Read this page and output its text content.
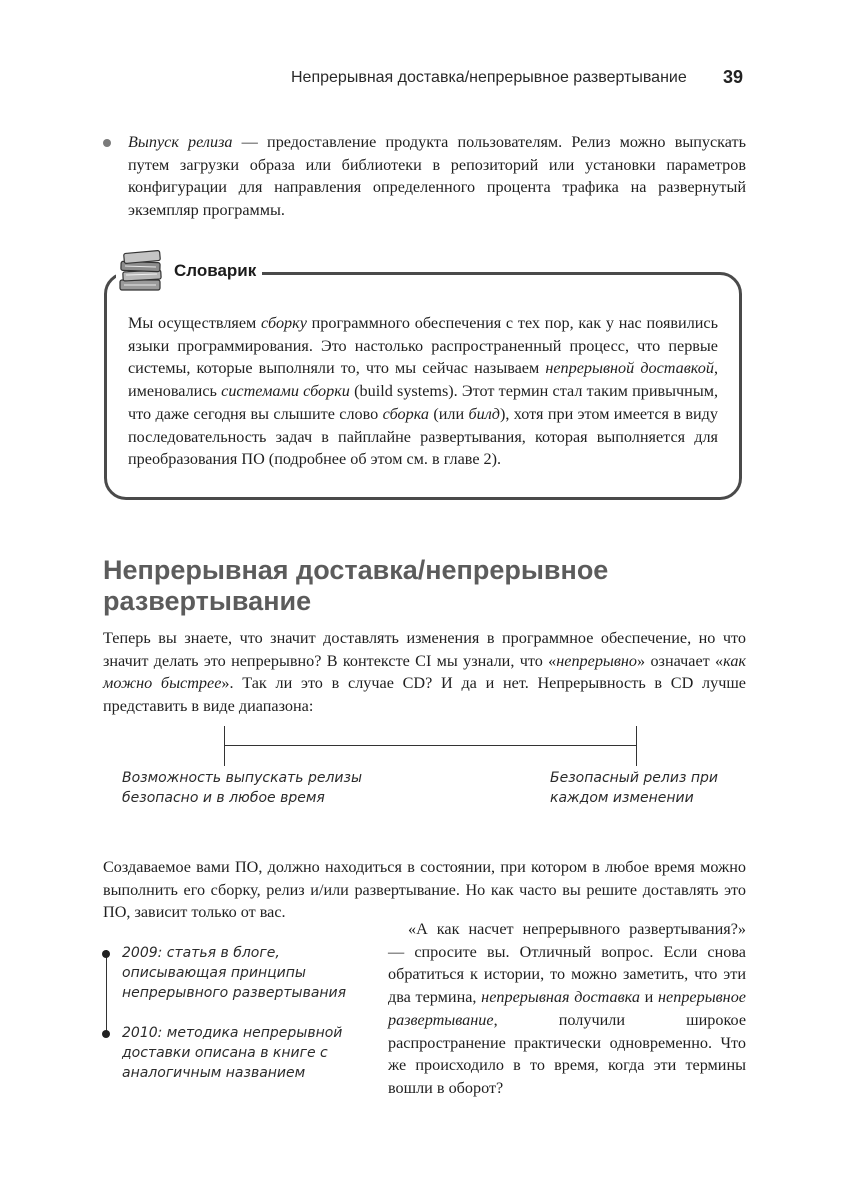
Непрерывная доставка/непрерывное развертывание 39

Выпуск релиза — предоставление продукта пользователям. Релиз можно выпускать путем загрузки образа или библиотеки в репозиторий или установки параметров конфигурации для направления определенного процента трафика на развернутый экземпляр программы.

Словарик

Мы осуществляем сборку программного обеспечения с тех пор, как у нас появились языки программирования. Это настолько распространенный процесс, что первые системы, которые выполняли то, что мы сейчас называем непрерывной доставкой, именовались системами сборки (build systems). Этот термин стал таким привычным, что даже сегодня вы слышите слово сборка (или билд), хотя при этом имеется в виду последовательность задач в пайплайне развертывания, которая выполняется для преобразования ПО (подробнее об этом см. в главе 2).

Непрерывная доставка/непрерывное развертывание

Теперь вы знаете, что значит доставлять изменения в программное обеспечение, но что значит делать это непрерывно? В контексте CI мы узнали, что «непрерывно» означает «как можно быстрее». Так ли это в случае CD? И да и нет. Непрерывность в CD лучше представить в виде диапазона:

Возможность выпускать релизы безопасно и в любое время
Безопасный релиз при каждом изменении

Создаваемое вами ПО, должно находиться в состоянии, при котором в любое время можно выполнить его сборку, релиз и/или развертывание. Но как часто вы решите доставлять это ПО, зависит только от вас.

2009: статья в блоге, описывающая принципы непрерывного развертывания
2010: методика непрерывной доставки описана в книге с аналогичным названием

«А как насчет непрерывного развертывания?» — спросите вы. Отличный вопрос. Если снова обратиться к истории, то можно заметить, что эти два термина, непрерывная доставка и непрерывное развертывание, получили широкое распространение практически одновременно. Что же происходило в то время, когда эти термины вошли в оборот?
